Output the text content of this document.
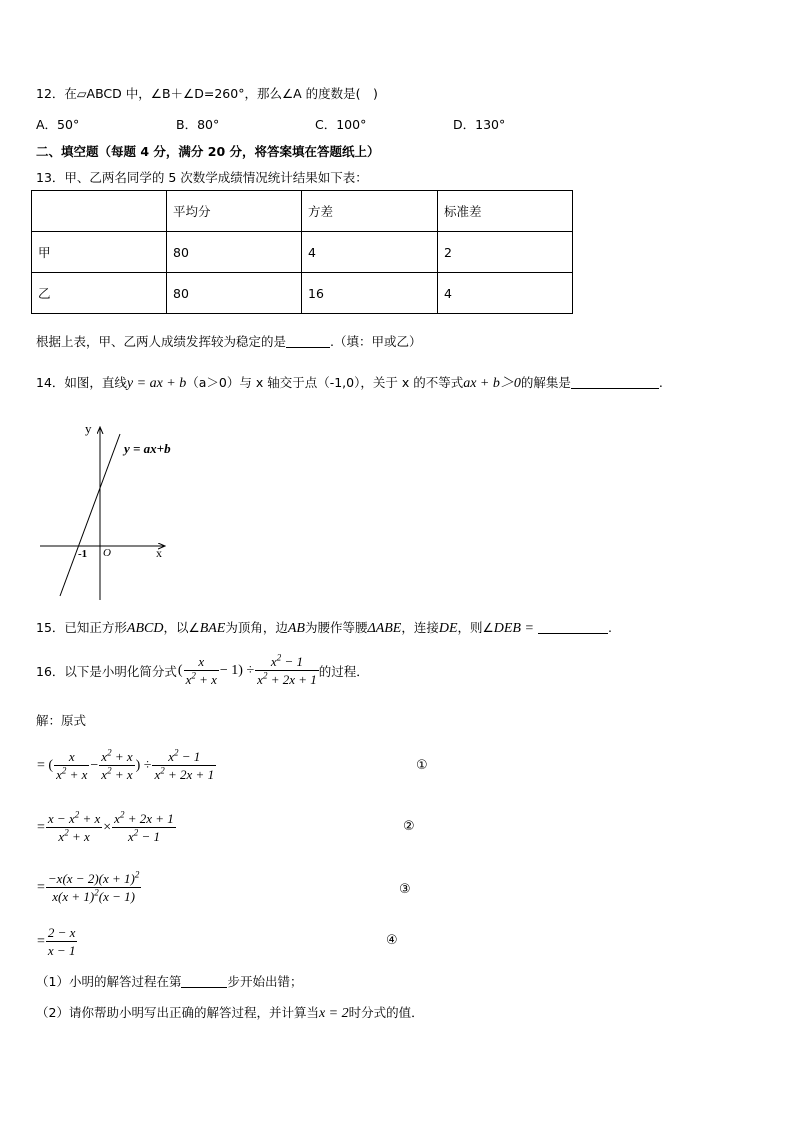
12．在▱ABCD 中，∠B＋∠D=260°，那么∠A 的度数是(　)
A．50°	B．80°	C．100°	D．130°
二、填空题（每题 4 分，满分 20 分，将答案填在答题纸上）
13．甲、乙两名同学的 5 次数学成绩情况统计结果如下表：
	平均分	方差	标准差
甲	80	4	2
乙	80	16	4
根据上表，甲、乙两人成绩发挥较为稳定的是	.（填：甲或乙）
14．如图，直线y = ax + b（a＞0）与 x 轴交于点（-1,0），关于 x 的不等式ax + b＞0的解集是	.
y
x
O
-1
y = ax+b
15．已知正方形ABCD，以∠BAE为顶角，边AB为腰作等腰ΔABE，连接DE，则∠DEB =	.
16．以下是小明化简分式 ( $\frac{x}{x^2 + x} - 1) \div \frac{x^2 - 1}{x^2 + 2x + 1}$ 的过程．
解：原式
= ( $\frac{x}{x^2 + x} - \frac{x^2 + x}{x^2 + x}$ ) ÷ $\frac{x^2 - 1}{x^2 + 2x + 1}$	①
= $\frac{x - x^2 + x}{x^2 + x} \times \frac{x^2 + 2x + 1}{x^2 - 1}$	②
= $\frac{-x(x - 2)(x + 1)^2}{x(x + 1)^2(x - 1)}$	③
= $\frac{2 - x}{x - 1}$	④
（1）小明的解答过程在第	步开始出错；
（2）请你帮助小明写出正确的解答过程，并计算当x = 2时分式的值．
